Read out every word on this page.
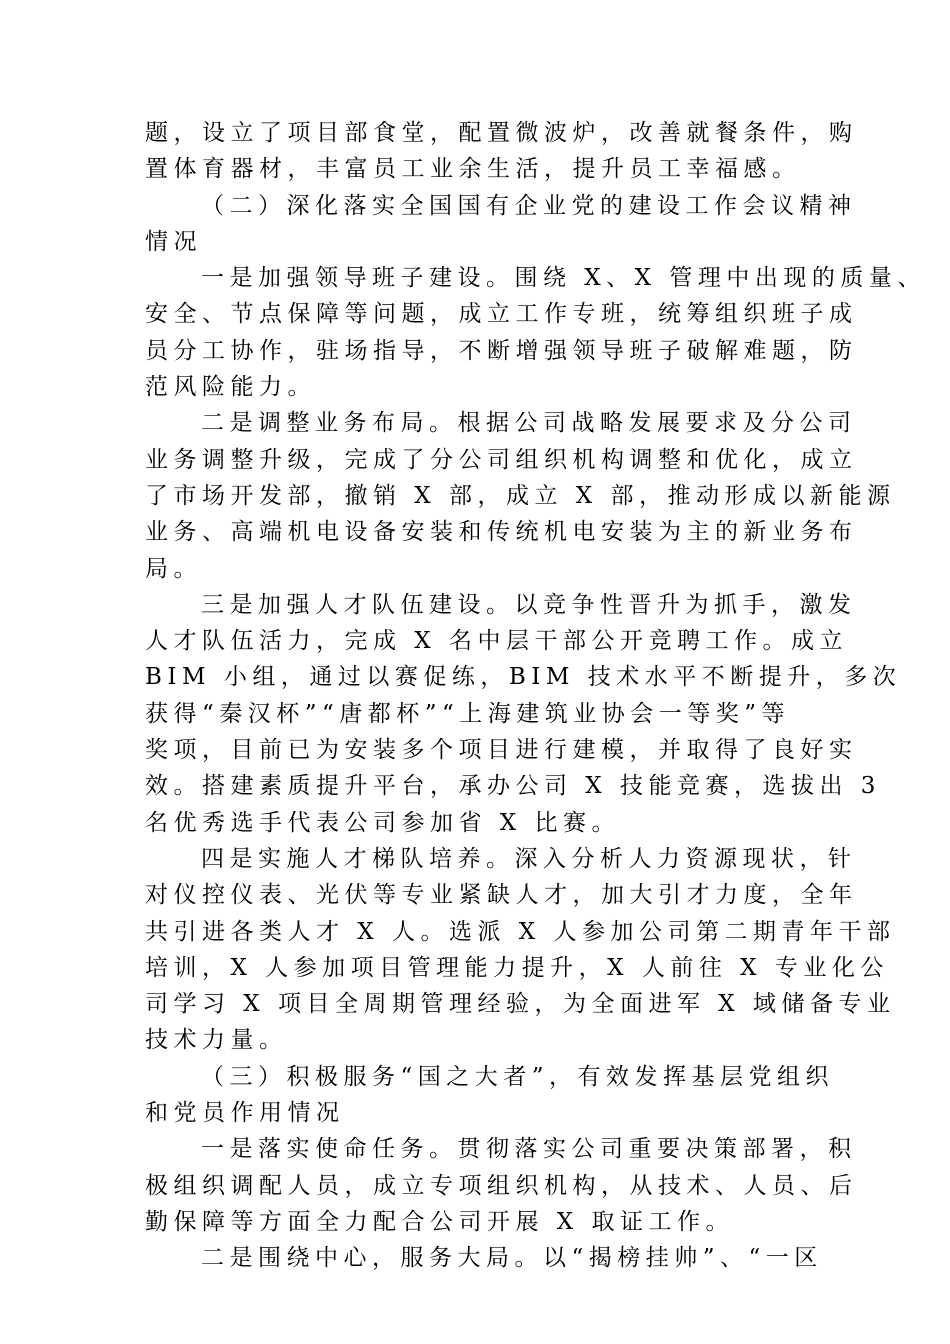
题，设立了项目部食堂，配置微波炉，改善就餐条件，购
置体育器材，丰富员工业余生活，提升员工幸福感。
（二）深化落实全国国有企业党的建设工作会议精神
情况
一是加强领导班子建设。围绕 X、X 管理中出现的质量、
安全、节点保障等问题，成立工作专班，统筹组织班子成
员分工协作，驻场指导，不断增强领导班子破解难题，防
范风险能力。
二是调整业务布局。根据公司战略发展要求及分公司
业务调整升级，完成了分公司组织机构调整和优化，成立
了市场开发部，撤销 X 部，成立 X 部，推动形成以新能源
业务、高端机电设备安装和传统机电安装为主的新业务布
局。
三是加强人才队伍建设。以竞争性晋升为抓手，激发
人才队伍活力，完成 X 名中层干部公开竞聘工作。成立
BIM 小组，通过以赛促练，BIM 技术水平不断提升，多次
获得“秦汉杯”“唐都杯”“上海建筑业协会一等奖”等
奖项，目前已为安装多个项目进行建模，并取得了良好实
效。搭建素质提升平台，承办公司 X 技能竞赛，选拔出 3
名优秀选手代表公司参加省 X 比赛。
四是实施人才梯队培养。深入分析人力资源现状，针
对仪控仪表、光伏等专业紧缺人才，加大引才力度，全年
共引进各类人才 X 人。选派 X 人参加公司第二期青年干部
培训，X 人参加项目管理能力提升，X 人前往 X 专业化公
司学习 X 项目全周期管理经验，为全面进军 X 域储备专业
技术力量。
（三）积极服务“国之大者”，有效发挥基层党组织
和党员作用情况
一是落实使命任务。贯彻落实公司重要决策部署，积
极组织调配人员，成立专项组织机构，从技术、人员、后
勤保障等方面全力配合公司开展 X 取证工作。
二是围绕中心，服务大局。以“揭榜挂帅”、“一区
